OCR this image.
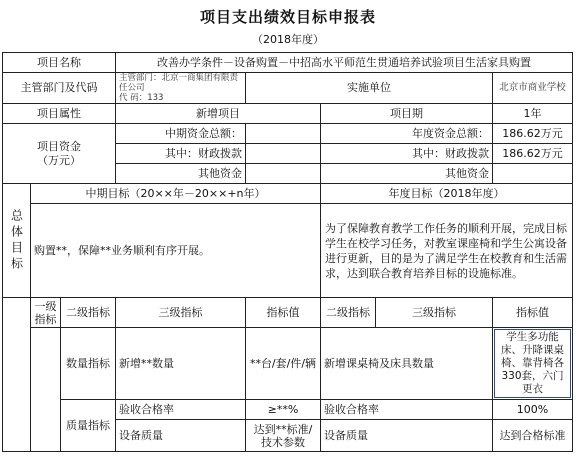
项目支出绩效目标申报表
（2018年度）
项目名称			改善办学条件－设备购置－中招高水平师范生贯通培养试验项目生活家具购置				
主管部门及代码			主管部门：北京一商集团有限责任公司
代 码：133	实施单位			北京市商业学校
项目属性			新增项目		项目期		1年

项目资金
（万元）			中期资金总额：		年度资金总额：		186.62万元
			其中：财政拨款		其中：财政拨款		186.62万元
			其他资金		其他资金		

总体目标	中期目标（20××年－20××+n年）				年度目标（2018年度）		
	购置**，保障**业务顺利有序开展。				为了保障教育教学工作任务的顺利开展，完成目标学生在校学习任务，对教室课座椅和学生公寓设备进行更新，目的是为了满足学生在校教育和生活需求，达到联合教育培养目标的设施标准。		

	一级指标	二级指标	三级指标	指标值	二级指标	三级指标	指标值
		数量指标	新增**数量	**台/套/件/辆	新增课桌椅及床具数量		学生多功能床、升降课桌椅、靠背椅各330套，六门更衣

		质量指标	验收合格率	≥**%	验收合格率		100%
			设备质量	达到**标准/技术参数	设备质量		达到合格标准
